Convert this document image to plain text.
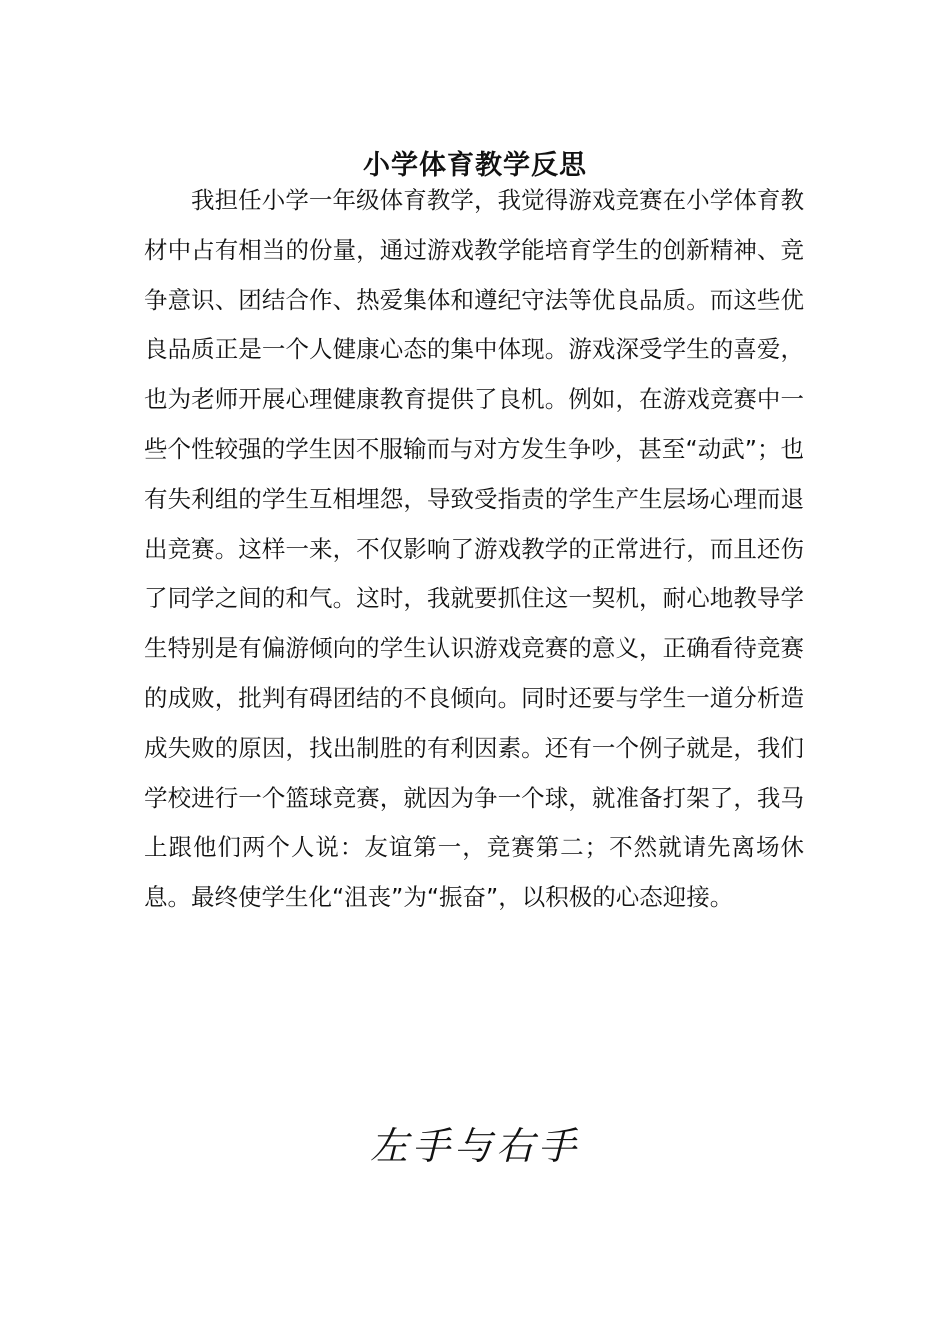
小学体育教学反思

我担任小学一年级体育教学，我觉得游戏竞赛在小学体育教材中占有相当的份量，通过游戏教学能培育学生的创新精神、竞争意识、团结合作、热爱集体和遵纪守法等优良品质。而这些优良品质正是一个人健康心态的集中体现。游戏深受学生的喜爱，也为老师开展心理健康教育提供了良机。例如，在游戏竞赛中一些个性较强的学生因不服输而与对方发生争吵，甚至“动武”；也有失利组的学生互相埋怨，导致受指责的学生产生层场心理而退出竞赛。这样一来，不仅影响了游戏教学的正常进行，而且还伤了同学之间的和气。这时，我就要抓住这一契机，耐心地教导学生特别是有偏游倾向的学生认识游戏竞赛的意义，正确看待竞赛的成败，批判有碍团结的不良倾向。同时还要与学生一道分析造成失败的原因，找出制胜的有利因素。还有一个例子就是，我们学校进行一个篮球竞赛，就因为争一个球，就准备打架了，我马上跟他们两个人说：友谊第一，竞赛第二；不然就请先离场休息。最终使学生化“沮丧”为“振奋”，以积极的心态迎接。

左手与右手
